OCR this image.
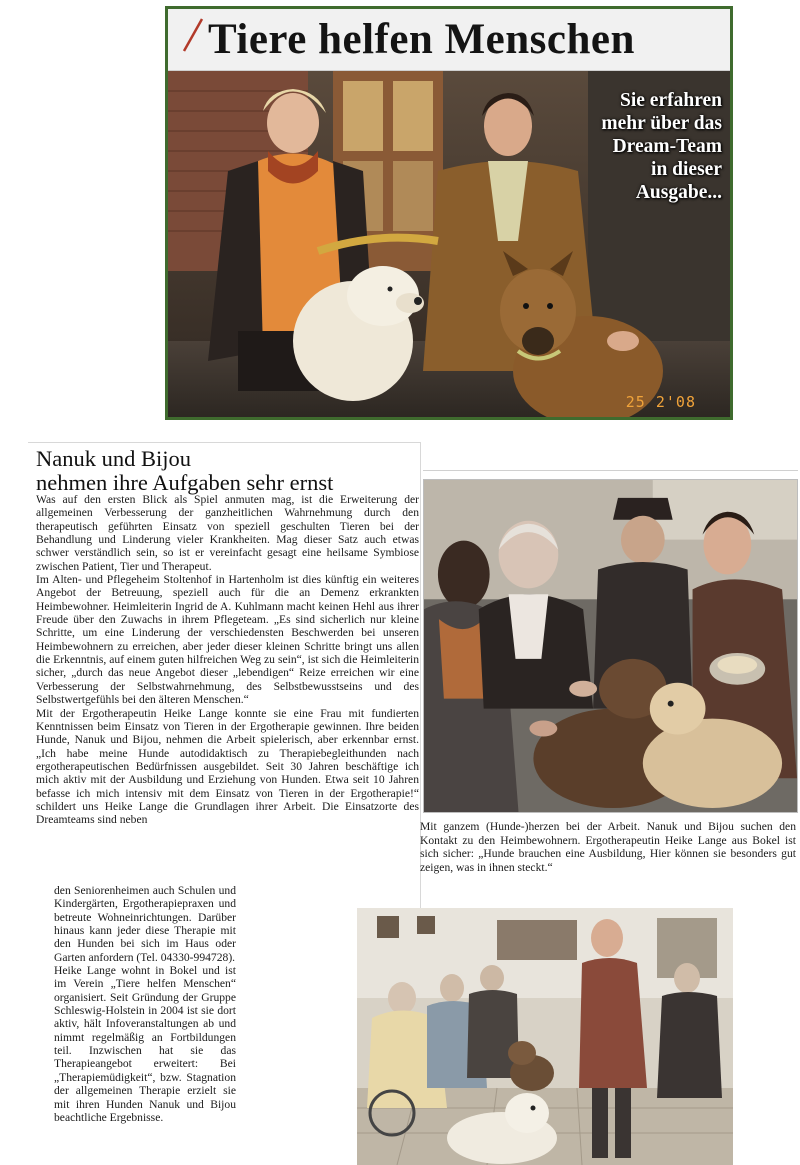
Tiere helfen Menschen
Sie erfahren
mehr über das
Dream-Team
in dieser
Ausgabe...
25 2'08
Nanuk und Bijou
nehmen ihre Aufgaben sehr ernst

Was auf den ersten Blick als Spiel anmuten mag, ist die Erweiterung der allgemeinen Verbesserung der ganzheitlichen Wahrnehmung durch den therapeutisch geführten Einsatz von speziell geschulten Tieren bei der Behandlung und Linderung vieler Krankheiten. Mag dieser Satz auch etwas schwer verständlich sein, so ist er vereinfacht gesagt eine heilsame Symbiose zwischen Patient, Tier und Therapeut.

Im Alten- und Pflegeheim Stoltenhof in Hartenholm ist dies künftig ein weiteres Angebot der Betreuung, speziell auch für die an Demenz erkrankten Heimbewohner. Heimleiterin Ingrid de A. Kuhlmann macht keinen Hehl aus ihrer Freude über den Zuwachs in ihrem Pflegeteam. „Es sind sicherlich nur kleine Schritte, um eine Linderung der verschiedensten Beschwerden bei unseren Heimbewohnern zu erreichen, aber jeder dieser kleinen Schritte bringt uns allen die Erkenntnis, auf einem guten hilfreichen Weg zu sein“, ist sich die Heimleiterin sicher, „durch das neue Angebot dieser „lebendigen“ Reize erreichen wir eine Verbesserung der Selbstwahrnehmung, des Selbstbewusstseins und des Selbstwertgefühls bei den älteren Menschen.“

Mit der Ergotherapeutin Heike Lange konnte sie eine Frau mit fundierten Kenntnissen beim Einsatz von Tieren in der Ergotherapie gewinnen. Ihre beiden Hunde, Nanuk und Bijou, nehmen die Arbeit spielerisch, aber erkennbar ernst. „Ich habe meine Hunde autodidaktisch zu Therapiebegleithunden nach ergotherapeutischen Bedürfnissen ausgebildet. Seit 30 Jahren beschäftige ich mich aktiv mit der Ausbildung und Erziehung von Hunden. Etwa seit 10 Jahren befasse ich mich intensiv mit dem Einsatz von Tieren in der Ergotherapie!“ schildert uns Heike Lange die Grundlagen ihrer Arbeit. Die Einsatzorte des Dreamteams sind neben

den Seniorenheimen auch Schulen und Kindergärten, Ergotherapiepraxen und betreute Wohneinrichtungen. Darüber hinaus kann jeder diese Therapie mit den Hunden bei sich im Haus oder Garten anfordern (Tel. 04330-994728).

Heike Lange wohnt in Bokel und ist im Verein „Tiere helfen Menschen“ organisiert. Seit Gründung der Gruppe Schleswig-Holstein in 2004 ist sie dort aktiv, hält Infoveranstaltungen ab und nimmt regelmäßig an Fortbildungen teil. Inzwischen hat sie das Therapieangebot erweitert: Bei „Therapiemüdigkeit“, bzw. Stagnation der allgemeinen Therapie erzielt sie mit ihren Hunden Nanuk und Bijou beachtliche Ergebnisse.

Mit ganzem (Hunde-)herzen bei der Arbeit. Nanuk und Bijou suchen den Kontakt zu den Heimbewohnern. Ergotherapeutin Heike Lange aus Bokel ist sich sicher: „Hunde brauchen eine Ausbildung, Hier können sie besonders gut zeigen, was in ihnen steckt.“
